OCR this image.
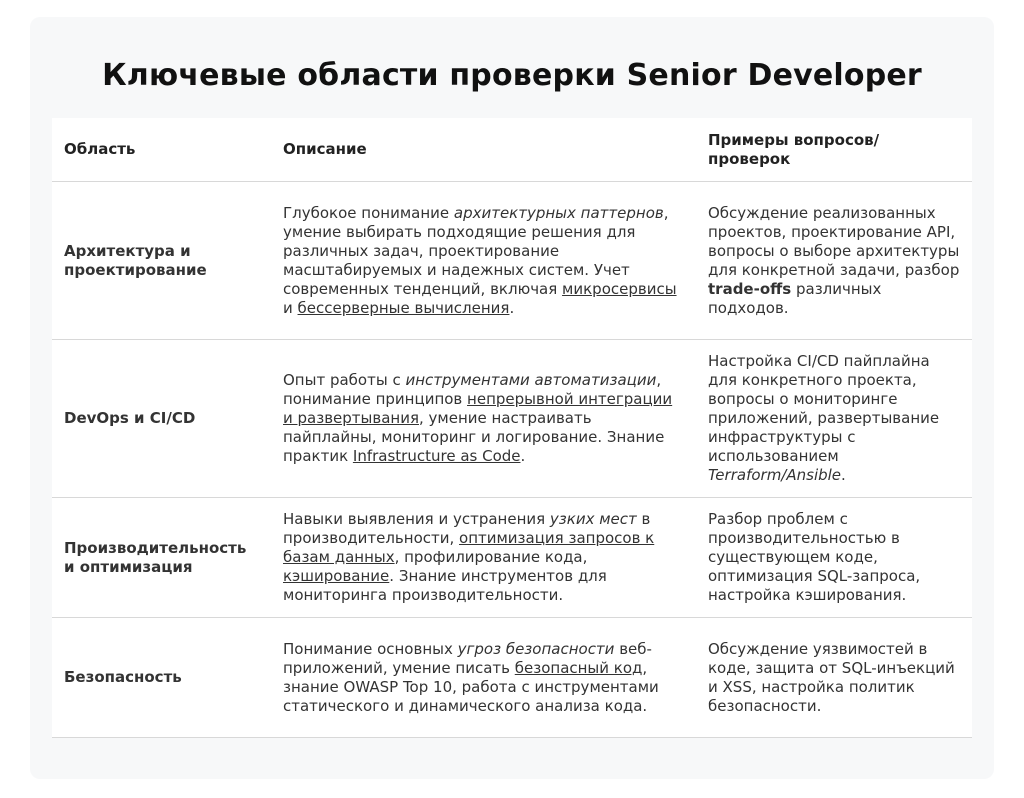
Ключевые области проверки Senior Developer
Область	Описание	Примеры вопросов/ проверок
Архитектура и проектирование	Глубокое понимание архитектурных паттернов, умение выбирать подходящие решения для различных задач, проектирование масштабируемых и надежных систем. Учет современных тенденций, включая микросервисы и бессерверные вычисления.	Обсуждение реализованных проектов, проектирование API, вопросы о выборе архитектуры для конкретной задачи, разбор trade-offs различных подходов.
DevOps и CI/CD	Опыт работы с инструментами автоматизации, понимание принципов непрерывной интеграции и развертывания, умение настраивать пайплайны, мониторинг и логирование. Знание практик Infrastructure as Code.	Настройка CI/CD пайплайна для конкретного проекта, вопросы о мониторинге приложений, развертывание инфраструктуры с использованием Terraform/Ansible.
Производительность и оптимизация	Навыки выявления и устранения узких мест в производительности, оптимизация запросов к базам данных, профилирование кода, кэширование. Знание инструментов для мониторинга производительности.	Разбор проблем с производительностью в существующем коде, оптимизация SQL-запроса, настройка кэширования.
Безопасность	Понимание основных угроз безопасности веб-приложений, умение писать безопасный код, знание OWASP Top 10, работа с инструментами статического и динамического анализа кода.	Обсуждение уязвимостей в коде, защита от SQL-инъекций и XSS, настройка политик безопасности.
